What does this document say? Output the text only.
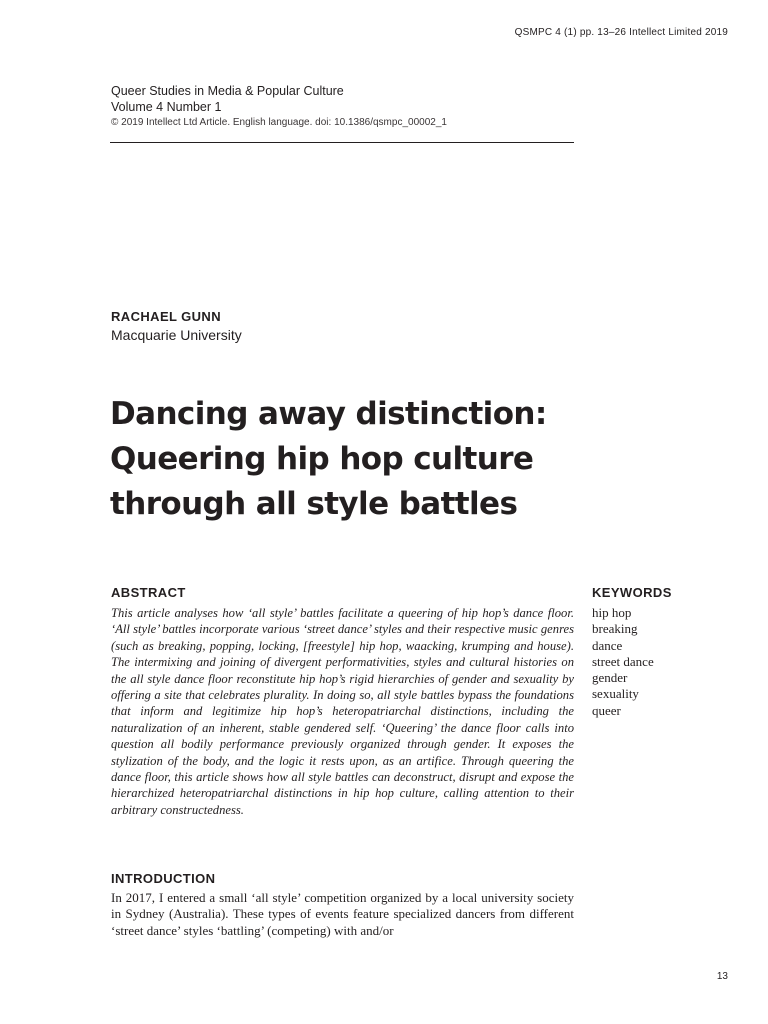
QSMPC 4 (1) pp. 13–26 Intellect Limited 2019
Queer Studies in Media & Popular Culture
Volume 4 Number 1
© 2019 Intellect Ltd Article. English language. doi: 10.1386/qsmpc_00002_1
RACHAEL GUNN
Macquarie University
Dancing away distinction:
Queering hip hop culture
through all style battles
ABSTRACT

This article analyses how ‘all style’ battles facilitate a queering of hip hop’s dance floor. ‘All style’ battles incorporate various ‘street dance’ styles and their respective music genres (such as breaking, popping, locking, [freestyle] hip hop, waacking, krumping and house). The intermixing and joining of divergent performativities, styles and cultural histories on the all style dance floor reconstitute hip hop’s rigid hierarchies of gender and sexuality by offering a site that celebrates plurality. In doing so, all style battles bypass the foundations that inform and legitimize hip hop’s heteropatriarchal distinctions, including the naturalization of an inherent, stable gendered self. ‘Queering’ the dance floor calls into question all bodily performance previously organized through gender. It exposes the stylization of the body, and the logic it rests upon, as an artifice. Through queering the dance floor, this article shows how all style battles can deconstruct, disrupt and expose the hierarchized heteropatriarchal distinctions in hip hop culture, calling attention to their arbitrary constructedness.

KEYWORDS
hip hop
breaking
dance
street dance
gender
sexuality
queer
INTRODUCTION

In 2017, I entered a small ‘all style’ competition organized by a local university society in Sydney (Australia). These types of events feature specialized dancers from different ‘street dance’ styles ‘battling’ (competing) with and/or

13
